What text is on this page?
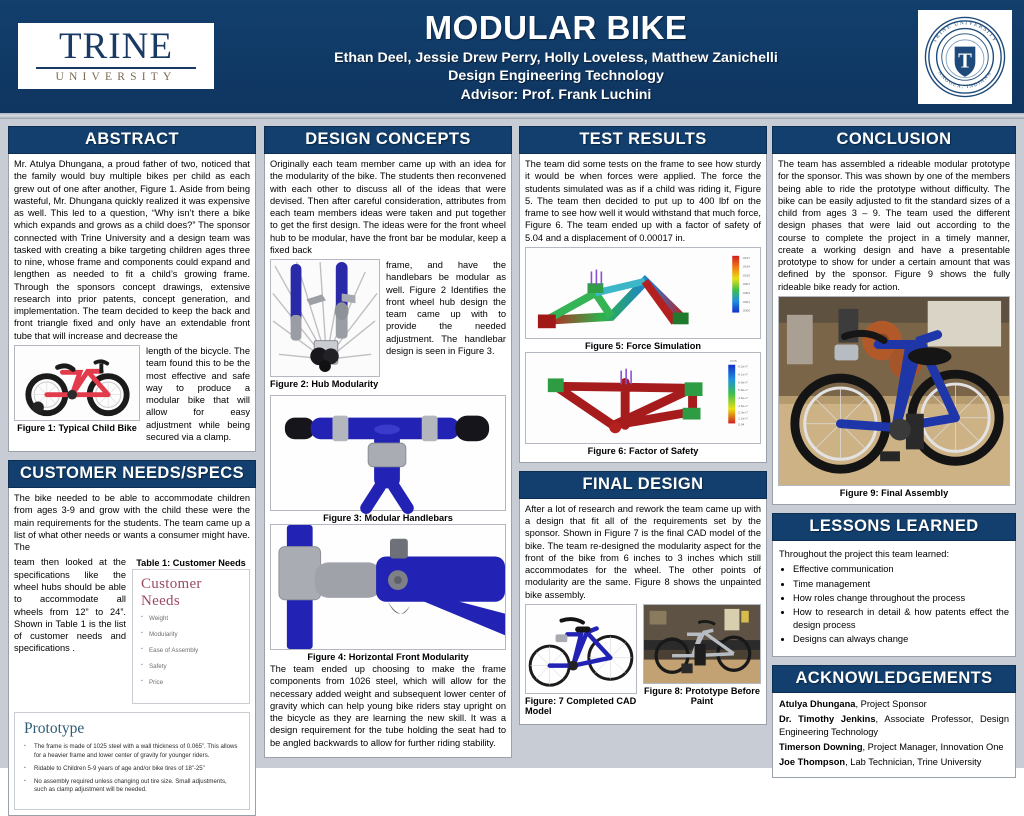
TRINE
UNIVERSITY
MODULAR BIKE
Ethan Deel, Jessie Drew Perry, Holly Loveless, Matthew Zanichelli
Design Engineering Technology
Advisor: Prof. Frank Luchini
T
TRINE UNIVERSITY
ANGOLA, INDIANA
ABSTRACT

Mr. Atulya Dhungana, a proud father of two, noticed that the family would buy multiple bikes per child as each grew out of one after another, Figure 1. Aside from being wasteful, Mr. Dhungana quickly realized it was expensive as well. This led to a question, “Why isn’t there a bike which expands and grows as a child does?” The sponsor connected with Trine University and a design team was tasked with creating a bike targeting children ages three to nine, whose frame and components could expand and lengthen as needed to fit a child’s growing frame. Through the sponsors concept drawings, extensive research into prior patents, concept generation, and implementation. The team decided to keep the back and front triangle fixed and only have an extendable front tube that will increase and decrease the

Figure 1: Typical Child Bike

length of the bicycle. The team found this to be the most effective and safe way to produce a modular bike that will allow for easy adjustment while being secured via a clamp.

CUSTOMER NEEDS/SPECS

The bike needed to be able to accommodate children from ages 3-9 and grow with the child these were the main requirements for the students. The team came up a list of what other needs or wants a consumer might have. The

Table 1: Customer Needs
Customer Needs
▪ Weight
▪ Modularity
▪ Ease of Assembly
▪ Safety
▪ Price

team then looked at the specifications like the wheel hubs should be able to accommodate all wheels from 12” to 24”. Shown in Table 1 is the list of customer needs and specifications .

Prototype
▪ The frame is made of 1025 steel with a wall thickness of 0.065”. This allows for a heavier frame and lower center of gravity for younger riders.
▪ Ridable to Children 5-9 years of age and/or bike tires of 18”-25”
▪ No assembly required unless changing out tire size. Small adjustments, such as clamp adjustment will be needed.
DESIGN CONCEPTS

Originally each team member came up with an idea for the modularity of the bike. The students then reconvened with each other to discuss all of the ideas that were devised. Then after careful consideration, attributes from each team members ideas were taken and put together to get the first design. The ideas were for the front wheel hub to be modular, have the front bar be modular, keep a fixed back

Figure 2: Hub Modularity

frame, and have the handlebars be modular as well. Figure 2 Identifies the front wheel hub design the team came up with to provide the needed adjustment. The handlebar design is seen in Figure 3.

Figure 3: Modular Handlebars
Figure 4: Horizontal Front Modularity

The team ended up choosing to make the frame components from 1026 steel, which will allow for the necessary added weight and subsequent lower center of gravity which can help young bike riders stay upright on the bicycle as they are learning the new skill. It was a design requirement for the tube holding the seat had to be angled backwards to allow for further riding stability.

TEST RESULTS

The team did some tests on the frame to see how sturdy it would be when forces were applied. The force the students simulated was as if a child was riding it, Figure 5. The team then decided to put up to 400 lbf on the frame to see how well it would withstand that much force, Figure 6. The team ended up with a factor of safety of 5.04 and a displacement of 0.00017 in.

.0017
.0014
.0010
.0007
.0004
.0001
.0000
Figure 5: Force Simulation
FOS
9.2e+7
8.1e+7
6.9e+7
5.8e+7
4.6e+7
3.5e+7
2.3e+7
1.2e+7
5.04
Figure 6: Factor of Safety
FINAL DESIGN

After a lot of research and rework the team came up with a design that fit all of the requirements set by the sponsor. Shown in Figure 7 is the final CAD model of the bike. The team re-designed the modularity aspect for the front of the bike from 6 inches to 3 inches which still accommodates for the wheel. The other points of modularity are the same. Figure 8 shows the unpainted bike assembly.

Figure: 7 Completed CAD Model
Figure 8: Prototype Before Paint
CONCLUSION

The team has assembled a rideable modular prototype for the sponsor. This was shown by one of the members being able to ride the prototype without difficulty. The bike can be easily adjusted to fit the standard sizes of a child from ages 3 – 9. The team used the different design phases that were laid out according to the course to complete the project in a timely manner, create a working design and have a presentable prototype to show for under a certain amount that was defined by the sponsor. Figure 9 shows the fully rideable bike ready for action.

Figure 9: Final Assembly
LESSONS LEARNED

Throughout the project this team learned:

• Effective communication
• Time management
• How roles change throughout the process
• How to research in detail & how patents effect the design process
• Designs can always change
ACKNOWLEDGEMENTS

Atulya Dhungana, Project Sponsor

Dr. Timothy Jenkins, Associate Professor, Design Engineering Technology

Timerson Downing, Project Manager, Innovation One

Joe Thompson, Lab Technician, Trine University
